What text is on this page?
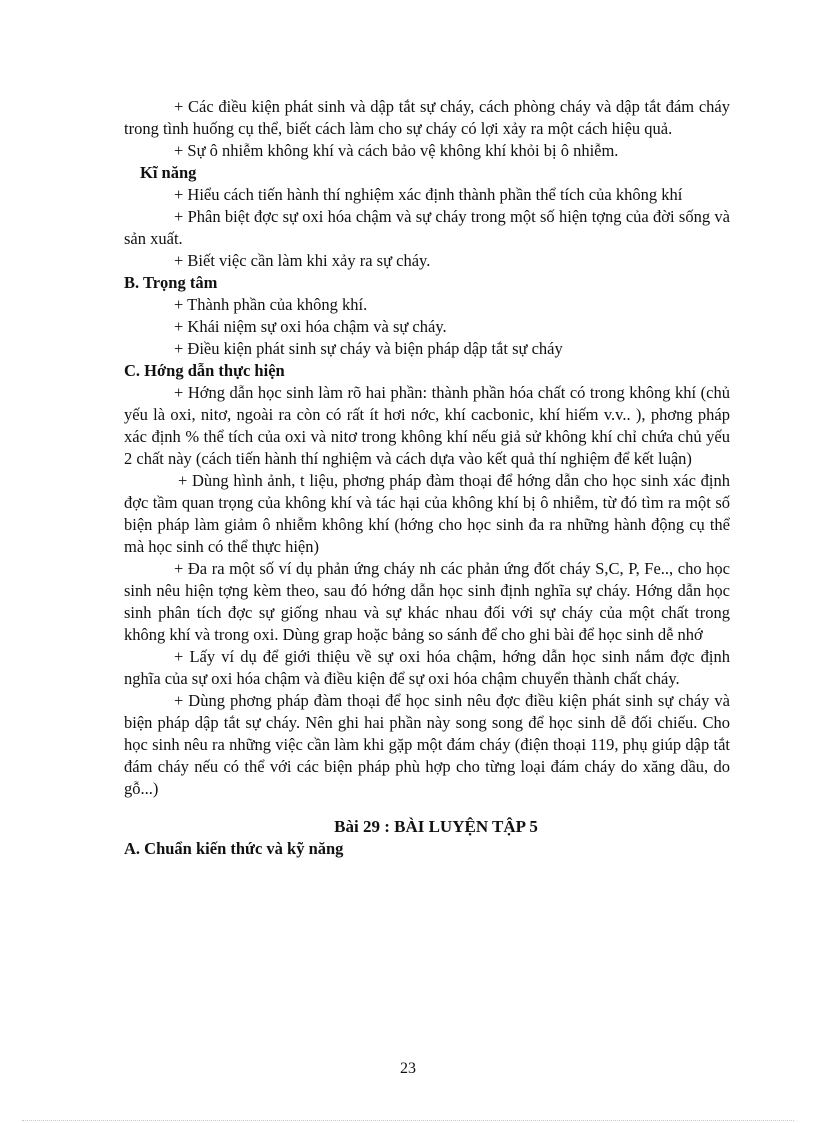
+ Các điều kiện phát sinh và dập tắt sự cháy, cách phòng cháy và dập tắt đám cháy trong tình huống cụ thể, biết cách làm cho sự cháy có lợi xảy ra một cách hiệu quả.

+ Sự ô nhiễm không khí và cách bảo vệ không khí khỏi bị ô nhiễm.

Kĩ năng

+ Hiểu cách tiến hành thí nghiệm xác định thành phần thể tích của không khí

+ Phân biệt đợc sự oxi hóa chậm và sự cháy trong một số hiện tợng của đời sống và sản xuất.

+ Biết việc cần làm khi xảy ra sự cháy.

B. Trọng tâm

+ Thành phần của không khí.

+ Khái niệm sự oxi hóa chậm và sự cháy.

+ Điều kiện phát sinh sự cháy và biện pháp dập tắt sự cháy

C. Hớng dẫn thực hiện

+ Hớng dẫn học sinh làm rõ hai phần: thành phần hóa chất có trong không khí (chủ yếu là oxi, nitơ, ngoài ra còn có rất ít hơi nớc, khí cacbonic, khí hiếm v.v.. ), phơng pháp xác định % thể tích của oxi và nitơ trong không khí nếu giả sử không khí chỉ chứa chủ yếu 2 chất này (cách tiến hành thí nghiệm và cách dựa vào kết quả thí nghiệm để kết luận)

+ Dùng hình ảnh, t liệu, phơng pháp đàm thoại để hớng dẫn cho học sinh xác định đợc tầm quan trọng của không khí và tác hại của không khí bị ô nhiễm, từ đó tìm ra một số biện pháp làm giảm ô nhiễm không khí (hớng cho học sinh đa ra những hành động cụ thể mà học sinh có thể thực hiện)

+ Đa ra một số ví dụ phản ứng cháy nh các phản ứng đốt cháy S,C, P, Fe.., cho học sinh nêu hiện tợng kèm theo, sau đó hớng dẫn học sinh định nghĩa sự cháy. Hớng dẫn học sinh phân tích đợc sự giống nhau và sự khác nhau đối với sự cháy của một chất trong không khí và trong oxi. Dùng grap hoặc bảng so sánh để cho ghi bài để học sinh dễ nhớ

+ Lấy ví dụ để giới thiệu về sự oxi hóa chậm, hớng dẫn học sinh nắm đợc định nghĩa của sự oxi hóa chậm và điều kiện để sự oxi hóa chậm chuyển thành chất cháy.

+ Dùng phơng pháp đàm thoại để học sinh nêu đợc điều kiện phát sinh sự cháy và biện pháp dập tắt sự cháy. Nên ghi hai phần này song song để học sinh dễ đối chiếu. Cho học sinh nêu ra những việc cần làm khi gặp một đám cháy (điện thoại 119, phụ giúp dập tắt đám cháy nếu có thể với các biện pháp phù hợp cho từng loại đám cháy do xăng dầu, do gỗ...)

Bài 29 : BÀI LUYỆN TẬP 5

A. Chuẩn kiến thức và kỹ năng

23
